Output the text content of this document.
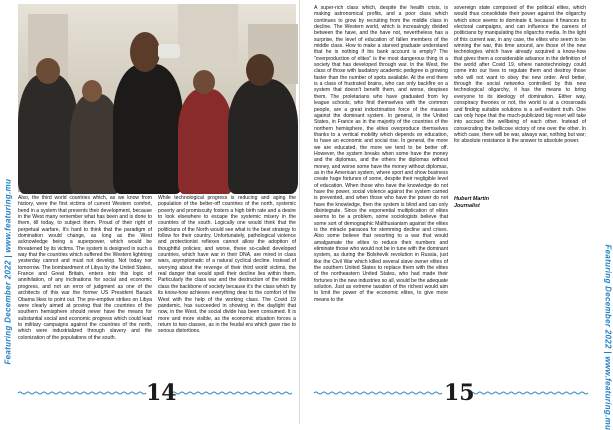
Also, the third world countries which, as we know from history, were the first victims of current Western comfort, bend in a system that prevents their development, because in the West many remember what has been and is done to them, till today, to subject them. Proud of their right of perpetual warfare, It's hard to think that the paradigm of domination would change, as long as the West acknowledge being a superpower, which would be threatened by its victims. The system is designed in such a way that the countries which suffered the Western lightning yesterday cannot and must not develop. Not today nor tomorrow. The bombardment of Libya by the United States, France and Great Britain, enters into this logic of annihilation, of any inclinations for social and economic progress, and not an error of judgment as one of the architects of this war the former US President Barack Obama likes to point out. The pre-emptive strikes on Libya were clearly aimed at proving that the countries of the southern hemisphere should never have the means for substantial social and economic progress which could lead to military campaigns against the countries of the north, which were industrialized through slavery and the colonization of the populations of the south.

While technological progress is reducing and aging the population of the better-off countries of the north, systemic poverty and promiscuity fosters a high birth rate and a desire to look elsewhere to escape the systemic misery in the countries of the south. Logically one would think that the politicians of the North would see what is the best strategy to follow for their country. Unfortunately, pathological violence and protectionist reflexes cannot allow the adoption of thoughtful policies; and worse, these so-called developed countries, which have war in their DNA, are mired in class wars, asymptomatic of a natural cyclical decline. Instead of worrying about the revenge of their third world victims, the real danger that would spell their decline lies within them. Particularly the class war and the destruction of the middle class the backbone of society because it's the class which by its know-how achieves everything dear to the comfort of the West with the help of the working class. The Covid 19 pandemic, has succeeded in showing in the daylight that now, in the West, the social divide has been consumed. It is more and more visible, as the economic situation forces a return to two classes, as in the feudal era which gave rise to serious distortions.

14

A super-rich class which, despite the health crisis, is making astronomical profits, and a poor class which continues to grow by recruiting from the middle class in decline. The Western world, which is increasingly divided between the have, and the have not, nevertheless has a surprise, the level of education of fallen members of the middle class. How to make a starved graduate understand that he is nothing if his bank account is empty? The "overproduction of elites" is the most dangerous thing in a society that has developed through war. In the West, the class of those with laudatory academic pedigree is growing faster than the number of spots available. At the end there is a class of frustrated brains, who can only backfire on a system that doesn't benefit them, and worse, despises them. The proletarians who have graduated from Ivy league schools, who find themselves with the common people, are a great indoctrination force of the masses against the dominant system. In general, in the United States, in France as in the majority of the countries of the northern hemisphere, the elites overproduce themselves thanks to a vertical mobility which depends on education, to have an economic and social rise. In general, the more we are educated, the more we tend to be better off. However, the system breaks when some have the money and the diplomas, and the others the diplomas without money, and worse some have the money without diplomas, as in the American system, where sport and show business create huge fortunes of some, despite their negligible level of education. When those who have the knowledge do not have the power, social violence against the system carried is prevented, and when those who have the power do not have the knowledge, then the system is blind and can only disintegrate. Since the exponential multiplication of elites seems to be a problem, some sociologists believe that some sort of demographic Malthusianism against the elites is the miracle panacea for stemming decline and crises. Also some believe that resorting to a war that would amalgamate the elites to reduce their numbers and eliminate those who would not be in tune with the dominant system, as during the Bolshevik revolution in Russia, just like the Civil War which killed several slave owner elites of the southern United States to replace them with the elites of the northeastern United States, who had made their fortunes in the new industries so all, would be the adequate solution. Just as extreme taxation of the richest would aim to limit the power of the economic elites, to give more means to the

sovereign state composed of the political elites, which would thus consolidate their power against the oligarchy which since seems to dominate it, because it finances its electoral campaigns, and can influence the careers of politicians by manipulating the oligarchs media. In the light of this current war, in any case, the elites who seem to be winning the war, this time around, are those of the new technologies which have already acquired a know-how that gives them a considerable advance in the definition of the world after Covid 19, where nanotechnology could come into our lives to regulate them and destroy those who will not want to obey the new order. And better, through the social networks controlled by this new technological oligarchy, it has the means to bring everyone to its ideology of domination. Either way, conspiracy theories or not, the world is at a crossroads and finding suitable solutions is a self-evident truth. One can only hope that the much-publicized big reset will take into account the wellbeing of each other. Instead of consecrating the bellicose victory of one over the other. In which case, there will be war, always war, nothing but war; for absolute resistance is the answer to absolute power.

Hubert Martin
Journalist
15
Featuring December 2022 | www.featuring.mu	Featuring December 2022 | www.featuring.mu
